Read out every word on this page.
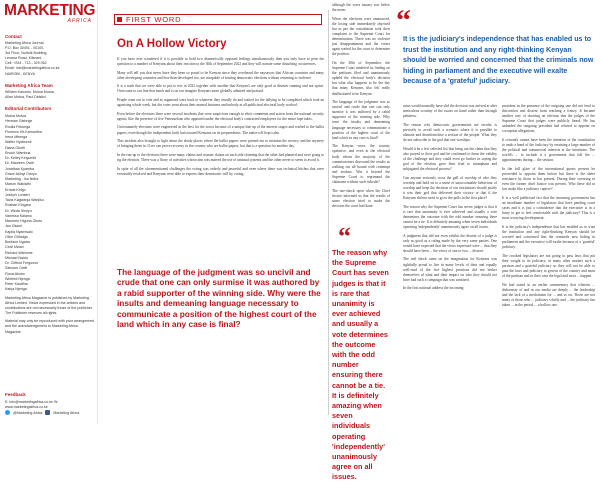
MARKETING
AFRICA
Contact
Marketing Africa Journal
P.O. Box 30491 - 00100,
3rd Floor, Norfolk Building,
Lenana Road, Kilimani.
Cell: +254 - 713 - 329 052
Email: info@marketingafrica.co.ke
NAIROBI - KENYA
Marketing Africa Team
William Kalondu, Mutua Mutua,
Allan Mutua, Paul Didsitzi
Editorial Contributors
Mutua Mutua
Herman Giebrige
Roulla Fekonga
Florence Kit-Kamaritha
Irena Mbenga
Walter Nyabundi
Diana Okoth
Enoch Wambua
Dr. Kelley Kinyumbi
Dr. Maureen Owiti
Jonathan Kyamba
Grace Akinyi Odoyo
Marketing - Isa Ndira
Marion Wakiathi
Ernest Kirigo
Joseph Lonsert
Tavia Kagwanja Wanjiku
Roshan Kingara
Dr. Weda Simiyu
Vanessa Kalamu
Maureen Higuna Okoto
Jan Oksuri
Kapila Nyamwalo
Olive Githaiga
Bonface Ngaba
Cecil Mwari
Richard Wahome
Michael Naidu
Dr. Clifford Ferguson
Samson Owiti
Fiona Akoko
Winfred Njenga
Peter Kiarithia
Katya Njenga

Marketing Africa Magazine is published by Marketing Africa Limited. Views expressed in the articles and contributions are not necessarily those of the publisher. The Publisher reserves all rights.

Material may only be reproduced with prior arrangement and the acknowledgement to Marketing Africa Magazine.

Feedback
E: info@marketingafrica.co.ke W: www.marketingafrica.co.ke
@Marketing Africa	Marketing Africa
FIRST WORD
On A Hollow Victory

If you have ever wondered if it is possible to hold two diametrically opposed feelings simultaneously then you only have to pose the question to a number of Kenyans about their reaction to the 30th of September 2022 and they will narrate some disturbing occurrences.

Many will tell you that never have they been so proud to be Kenyan since they overheard the naysayers that African countries and many other developing countries and less-than-developed too, are incapable of hosting democratic elections without returning to violence.

It is a truth that we were able to put to rest in 2022 together with another that Kenyan's are only good at disaster running and not sprint. Overcome to our line that much and is on our imagine Kenyans more globally admired and praised.

People went out to vote and as organised were back to whatever they usually do and waited for the tallying to be completed which took an agonising whole week, but the votes went about their normal business and nobody at all publicised electoral body worked.

Even before the elections there were several incidents that were suspicious enough to elicit comments and action from the national security agents, like the presence of five Venezuelans who appeared under the electoral body's contracted employees for the entire lape takes.

Unfortunately elections were engineered in the best for the worst because of a unique line up of the interest stages and crafted to the ballot papers, even though the independent body had assured Kenyans on its preparedness. The entire roll kept calm.

This incident also brought to light about the shady places where the ballot papers were printed not to mention the secrecy and the mystery of bringing them in. If we can prove recovery in the country who are ballot papers, but that is a question for another day.

In the run-up to the elections there were many claims and counter claims on each side claiming that the other had planned and were going to rig the election. There was a flurry of activities whose aim was marred the use of unusual systems and the other never to seem to avoid it.

In spite of all the aforementioned challenges the voting was orderly and peaceful and even where there was technical hitches that were eventually resolved and Kenyans were able to express their democratic will by voting.

The language of the judgment was so uncivil and crude that one can only surmise it was authored by a rabid supporter of the winning side. Why were the insults and demeaning language necessary to communicate a position of the highest court of the land which in any case is final?

although the votes tussary was below the norm.

When the elections were announced, the losing side immediately objected but as per the constitution took their complaint to the Supreme Court for determination. There was no violence just disappointment and the voters again waited for the court to determine the petition.

On the 30th of September, the Supreme Court rendered its finding on the petitions filed and unanimously upheld the electoral body's decision but what also happens to be the day that many Kenyans also felt really disillusioned to be Kenyan.

The language of the judgment was so uncivil and crude that one can only surmise it was authored by a rabid supporter of the winning side. Why were the insults and demeaning language necessary to communicate a position of the highest court of the land which in any case is final?

The Kenyan voter, the country operative, and even at the electoral body whom the majority of the commissioners disowned the results as walking out all bound with contempt and zealous. Was it beyond the Supreme Court to reprimand the claimants without such ridicule?

The one-shock open when the Chief Justice informed us that the results of some election tried to make the decision the court had done.

“
The reason why the Supreme Court has seven judges is that it is rare that unanimity is ever achieved and usually a vote determines the outcome with the odd number ensuring there cannot be a tie. It is definitely amazing when seven individuals operating 'independently' unanimously agree on all issues.
“
It is the judiciary's independence that has enabled us to trust the institution and any right-thinking Kenyan should be worried and concerned that the criminals now hiding in parliament and the executive will exalte because of a 'grateful' judiciary.

ruins would normally have slid the decision was arrived at after meticulous scrutiny of the issues on hand rather than through pettiness.

The reason why democratic governments are secular is precisely to avoid such a scenario where it is possible to alienate and disenfranchise a section of the people. What they do not subscribe to the god that one worships.

Would it be a few selected list that bring out the claim that they also prayed to their god and be confirmed to them the validity of the challenge and they could even go further in saying the god of the election gave their lead to triumphant and subjugated the electoral process?

Can anyone seriously cross the gall of worship of who they worship and hold on to a sense of unaccountable behaviour of worship and keep the decision of our institutions should justify it was their god that delivered their victory or that if the Kenyans did not need to go to the polls in the first place?

The reason why the Supreme Court has seven judges is that it is rare that unanimity is ever achieved and usually a vote determines the outcome with the odd number ensuring there cannot be a tie. It is definitely amazing when seven individuals operating 'independently' unanimously agree on all issues.

A judgment that did not even exhibit the dissent of a judge is only as good as a ruling made by the very same parties. One would have expected that the views expressed were ... that they should have been ... the views of one or two ... dissent.

The real shock came on the imagination for Kenyans was rightfully proud to live in many levels of their and equally well-read of the five highest positions did not bother themselves of what and their impact on who they should not have had such a campaign that was sanitised.

In the first national address the incoming

president in the presence of the outgoing one did not fend to discomfort and dissent from reaching a frenzy. It became another way of showing an obvious that the judges of the Supreme Court that judges were publicly heard. He has unloaded the outgoing president had refused to appoint on corruption allegations.

It certainly cannot have been the intention of the constitution to undo a hand of the Judiciary by retaining a large number of the political and commercial interests at the intentions. The world's ... to include it a government that full the ... appointments during ... the session.

In the full glare of the international guests present he proceeded to appoint them before but there is the sheer resistance by those in law present. During their swearing in even the former chief Justice was present. Who these did in law make like a judiciary captive?

It is a well publicised fact that the incoming government has an inordinate number of legislators that have pending court cases and it is just a coincidence that the executive is in a hurry to get to feel comfortable with the judiciary? This is a most worrying development.

It is the judiciary's independence that has enabled us to trust the institution and any right-thinking Kenyan should be worried and concerned that the criminals now hiding in parliament and the executive will exalte because of a 'grateful' judiciary.

The crooked legislators are not going to pass laws that put their weight to its judiciary; in many other matters such a partisan and a grateful judiciary so they will not be able to pass the laws and judiciary to govern of the country and most of the partisan and in their case the legal and most ... happen.

We had stated in an earlier commentary that wherein ... dishonesty of and in our media are deeply ... the leadership and the lack of a mechanism for ... and so on. Those are not many of those who ... judiciary wholly and ... the judiciary has taken ... in the period ... a hollow one.
